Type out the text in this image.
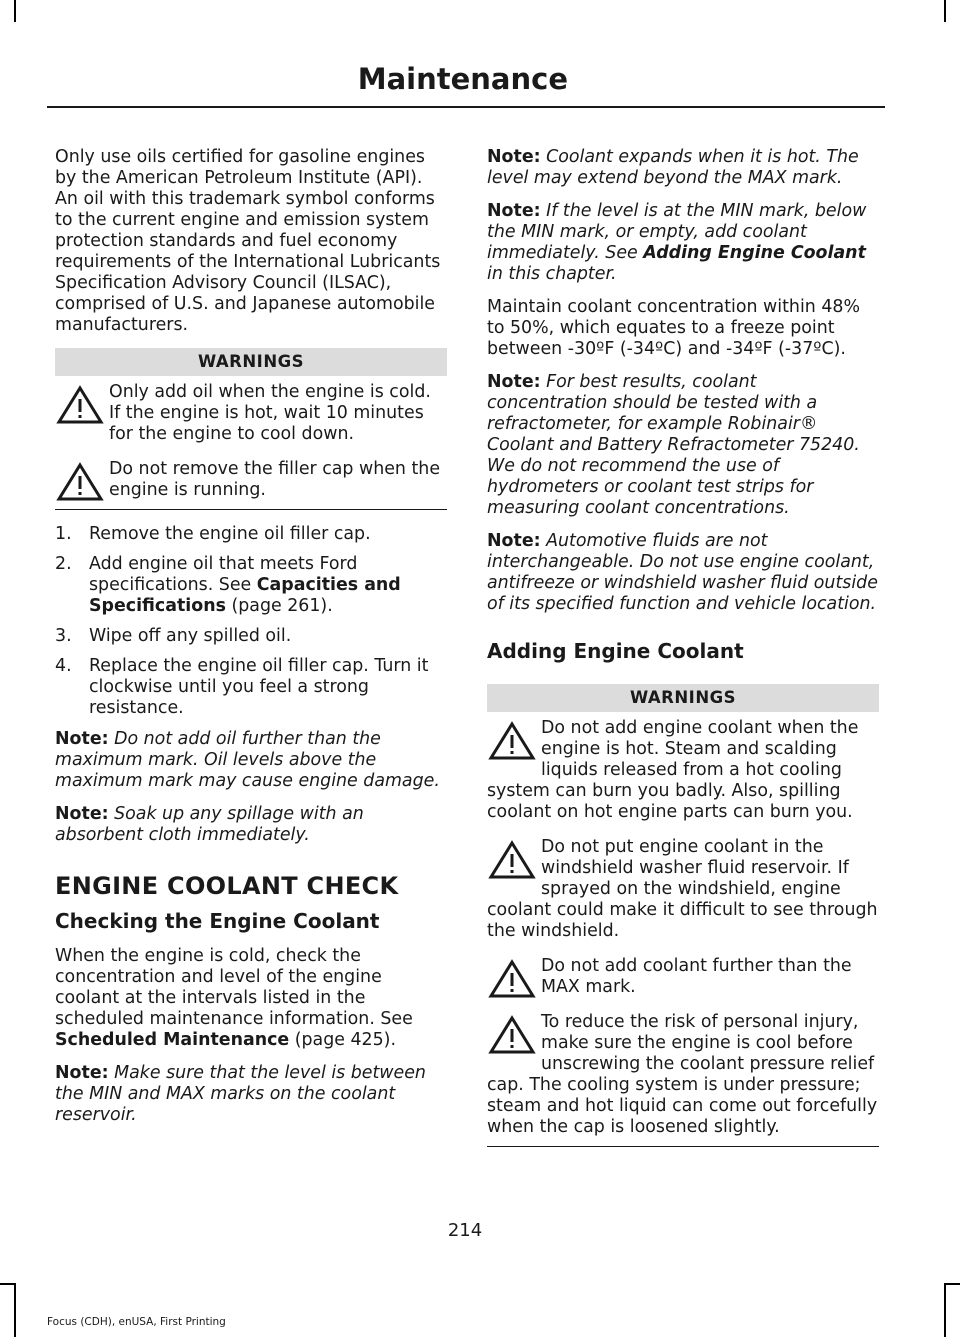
Maintenance

Only use oils certified for gasoline engines by the American Petroleum Institute (API). An oil with this trademark symbol conforms to the current engine and emission system protection standards and fuel economy requirements of the International Lubricants Specification Advisory Council (ILSAC), comprised of U.S. and Japanese automobile manufacturers.

WARNINGS
Only add oil when the engine is cold. If the engine is hot, wait 10 minutes for the engine to cool down.
Do not remove the filler cap when the engine is running.
1. Remove the engine oil filler cap.
2. Add engine oil that meets Ford specifications. See Capacities and Specifications (page 261).
3. Wipe off any spilled oil.
4. Replace the engine oil filler cap. Turn it clockwise until you feel a strong resistance.

Note: Do not add oil further than the maximum mark. Oil levels above the maximum mark may cause engine damage.

Note: Soak up any spillage with an absorbent cloth immediately.

ENGINE COOLANT CHECK
Checking the Engine Coolant

When the engine is cold, check the concentration and level of the engine coolant at the intervals listed in the scheduled maintenance information. See Scheduled Maintenance (page 425).

Note: Make sure that the level is between the MIN and MAX marks on the coolant reservoir.

Note: Coolant expands when it is hot. The level may extend beyond the MAX mark.

Note: If the level is at the MIN mark, below the MIN mark, or empty, add coolant immediately. See Adding Engine Coolant in this chapter.

Maintain coolant concentration within 48% to 50%, which equates to a freeze point between -30ºF (-34ºC) and -34ºF (-37ºC).

Note: For best results, coolant concentration should be tested with a refractometer, for example Robinair® Coolant and Battery Refractometer 75240. We do not recommend the use of hydrometers or coolant test strips for measuring coolant concentrations.

Note: Automotive fluids are not interchangeable. Do not use engine coolant, antifreeze or windshield washer fluid outside of its specified function and vehicle location.

Adding Engine Coolant
WARNINGS
Do not add engine coolant when the engine is hot. Steam and scalding liquids released from a hot cooling system can burn you badly. Also, spilling coolant on hot engine parts can burn you.
Do not put engine coolant in the windshield washer fluid reservoir. If sprayed on the windshield, engine coolant could make it difficult to see through the windshield.
Do not add coolant further than the MAX mark.
To reduce the risk of personal injury, make sure the engine is cool before unscrewing the coolant pressure relief cap. The cooling system is under pressure; steam and hot liquid can come out forcefully when the cap is loosened slightly.
214
Focus (CDH), enUSA, First Printing
